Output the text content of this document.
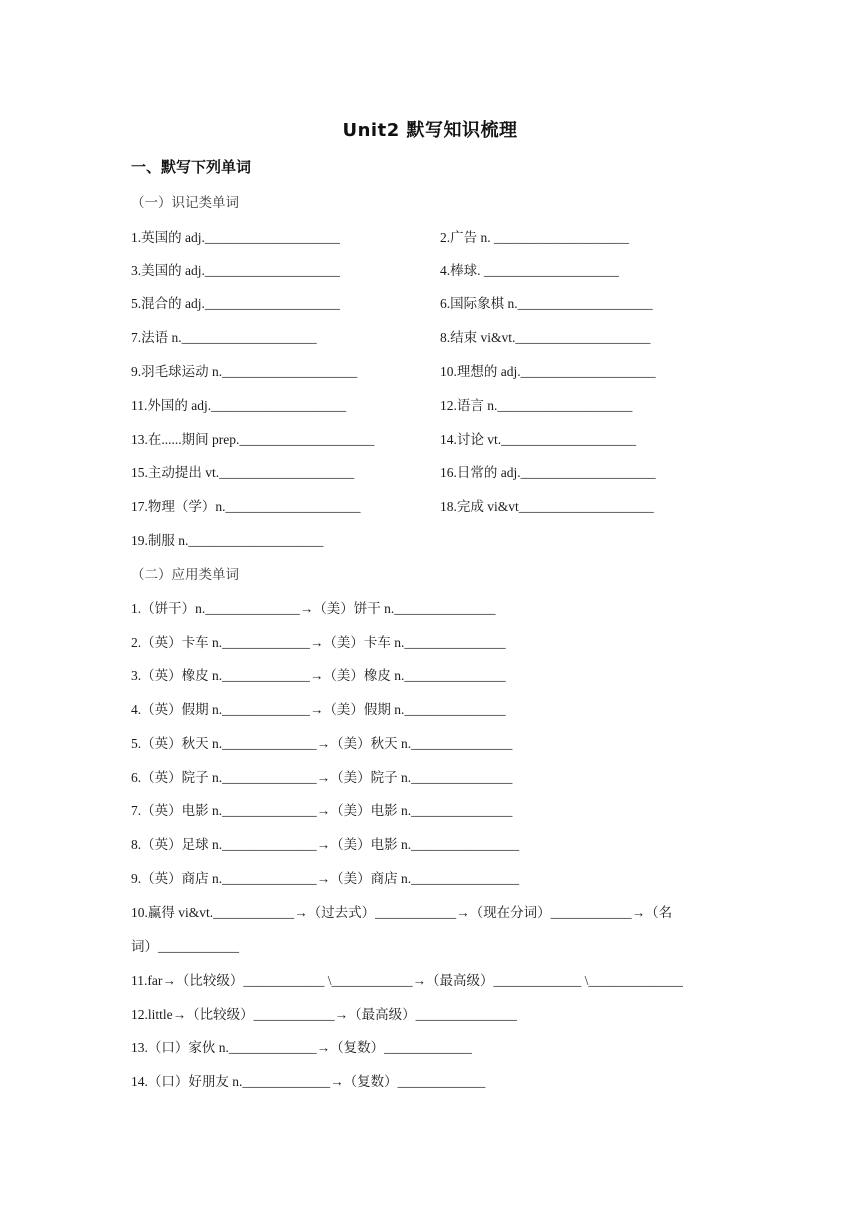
Unit2 默写知识梳理
一、默写下列单词
（一）识记类单词
1.英国的 adj.____________________	2.广告 n. ____________________
3.美国的 adj.____________________	4.棒球. ____________________
5.混合的 adj.____________________	6.国际象棋 n.____________________
7.法语 n.____________________	8.结束 vi&vt.____________________
9.羽毛球运动 n.____________________	10.理想的 adj.____________________
11.外国的 adj.____________________	12.语言 n.____________________
13.在......期间 prep.____________________	14.讨论 vt.____________________
15.主动提出 vt.____________________	16.日常的 adj.____________________
17.物理（学）n.____________________	18.完成 vi&vt____________________
19.制服 n.____________________
（二）应用类单词
1.（饼干）n.______________→（美）饼干 n._______________
2.（英）卡车 n._____________→（美）卡车 n._______________
3.（英）橡皮 n._____________→（美）橡皮 n._______________
4.（英）假期 n._____________→（美）假期 n._______________
5.（英）秋天 n.______________→（美）秋天 n._______________
6.（英）院子 n.______________→（美）院子 n._______________
7.（英）电影 n.______________→（美）电影 n._______________
8.（英）足球 n.______________→（美）电影 n.________________
9.（英）商店 n.______________→（美）商店 n.________________
10.赢得 vi&vt.____________→（过去式）____________→（现在分词）____________→（名
词）____________
11.far→（比较级）____________ \____________→（最高级）_____________ \______________
12.little→（比较级）____________→（最高级）_______________
13.（口）家伙 n._____________→（复数）_____________
14.（口）好朋友 n._____________→（复数）_____________
